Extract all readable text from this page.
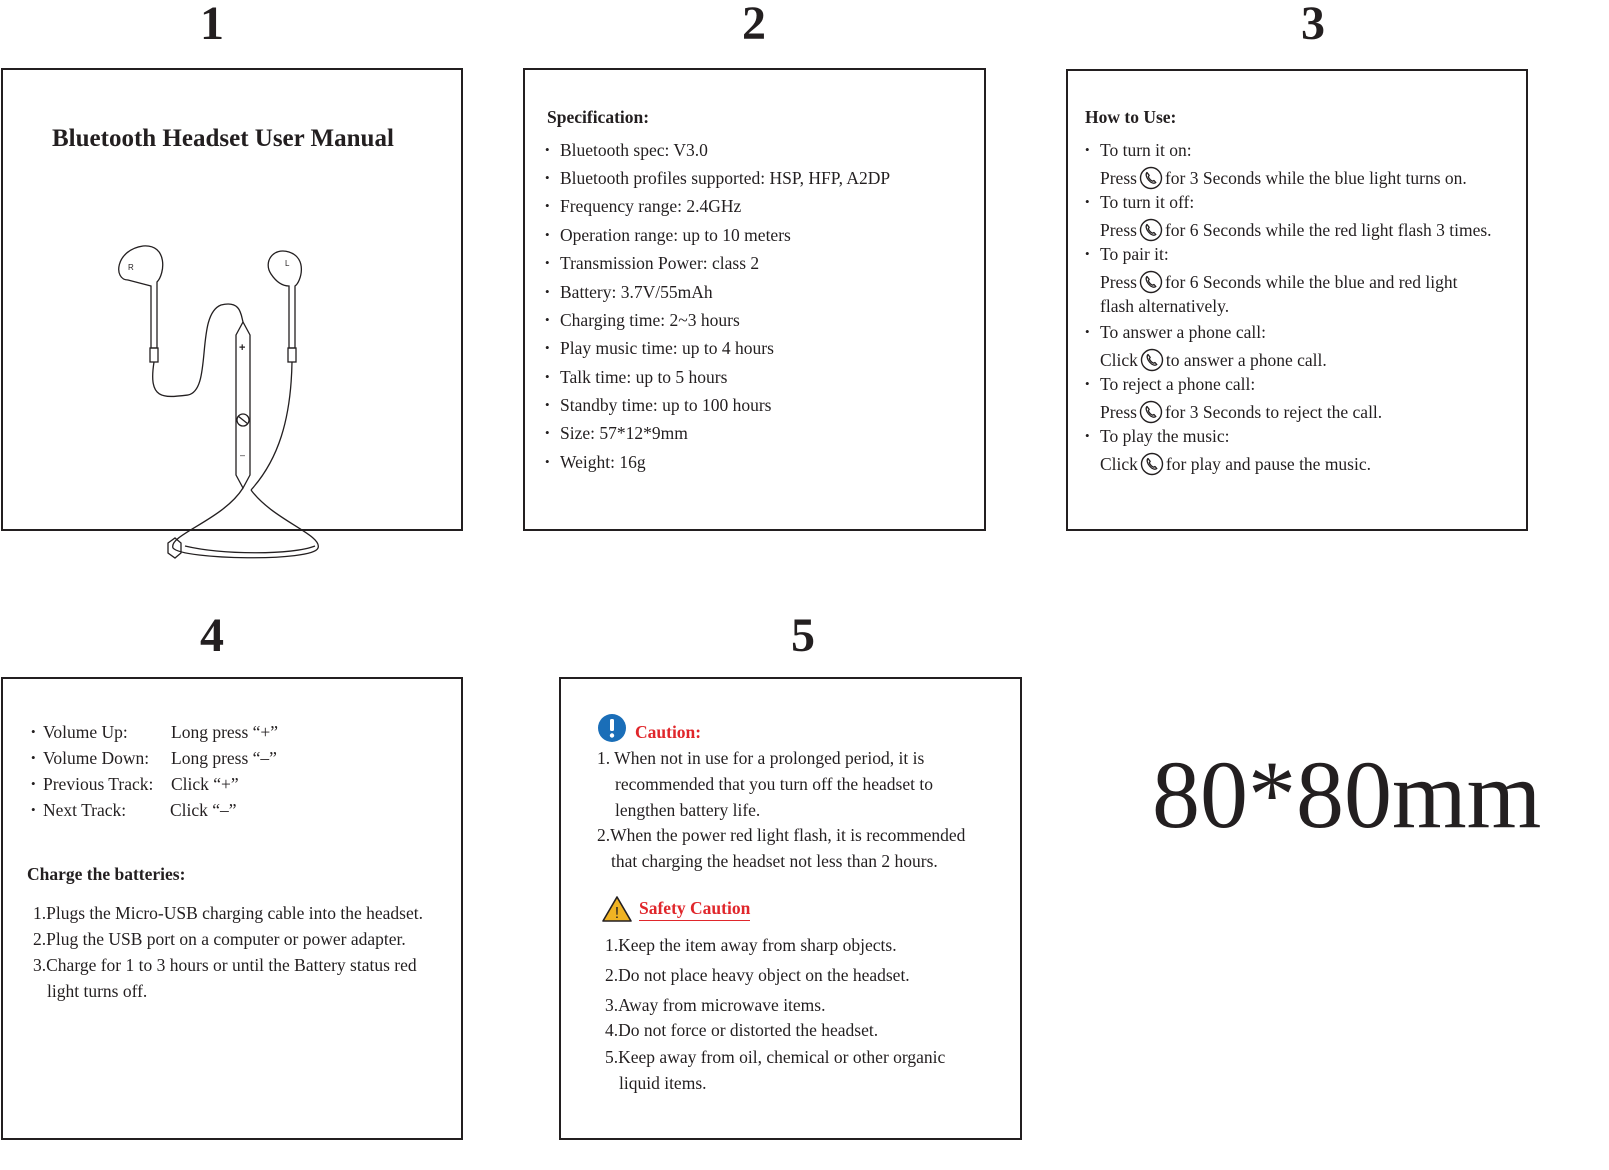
1	2	3
4	5
Bluetooth Headset User Manual
R	L
+
–
Specification:
• Bluetooth spec: V3.0
• Bluetooth profiles supported: HSP, HFP, A2DP
• Frequency range: 2.4GHz
• Operation range: up to 10 meters
• Transmission Power: class 2
• Battery: 3.7V/55mAh
• Charging time: 2~3 hours
• Play music time: up to 4 hours
• Talk time: up to 5 hours
• Standby time: up to 100 hours
• Size: 57*12*9mm
• Weight: 16g
How to Use:
• To turn it on:
Press for 3 Seconds while the blue light turns on.
• To turn it off:
Press for 6 Seconds while the red light flash 3 times.
• To pair it:
Press for 6 Seconds while the blue and red light
flash alternatively.
• To answer a phone call:
Click to answer a phone call.
• To reject a phone call:
Press for 3 Seconds to reject the call.
• To play the music:
Click for play and pause the music.
• Volume Up: Long press “+”
• Volume Down: Long press “–”
• Previous Track: Click “+”
• Next Track:	Click “–”
Charge the batteries:
1.Plugs the Micro-USB charging cable into the headset.
2.Plug the USB port on a computer or power adapter.
3.Charge for 1 to 3 hours or until the Battery status red
light turns off.
Caution:
1. When not in use for a prolonged period, it is
recommended that you turn off the headset to
lengthen battery life.
2.When the power red light flash, it is recommended
that charging the headset not less than 2 hours.
! Safety Caution
1.Keep the item away from sharp objects.
2.Do not place heavy object on the headset.
3.Away from microwave items.
4.Do not force or distorted the headset.
5.Keep away from oil, chemical or other organic
liquid items.
80*80mm
